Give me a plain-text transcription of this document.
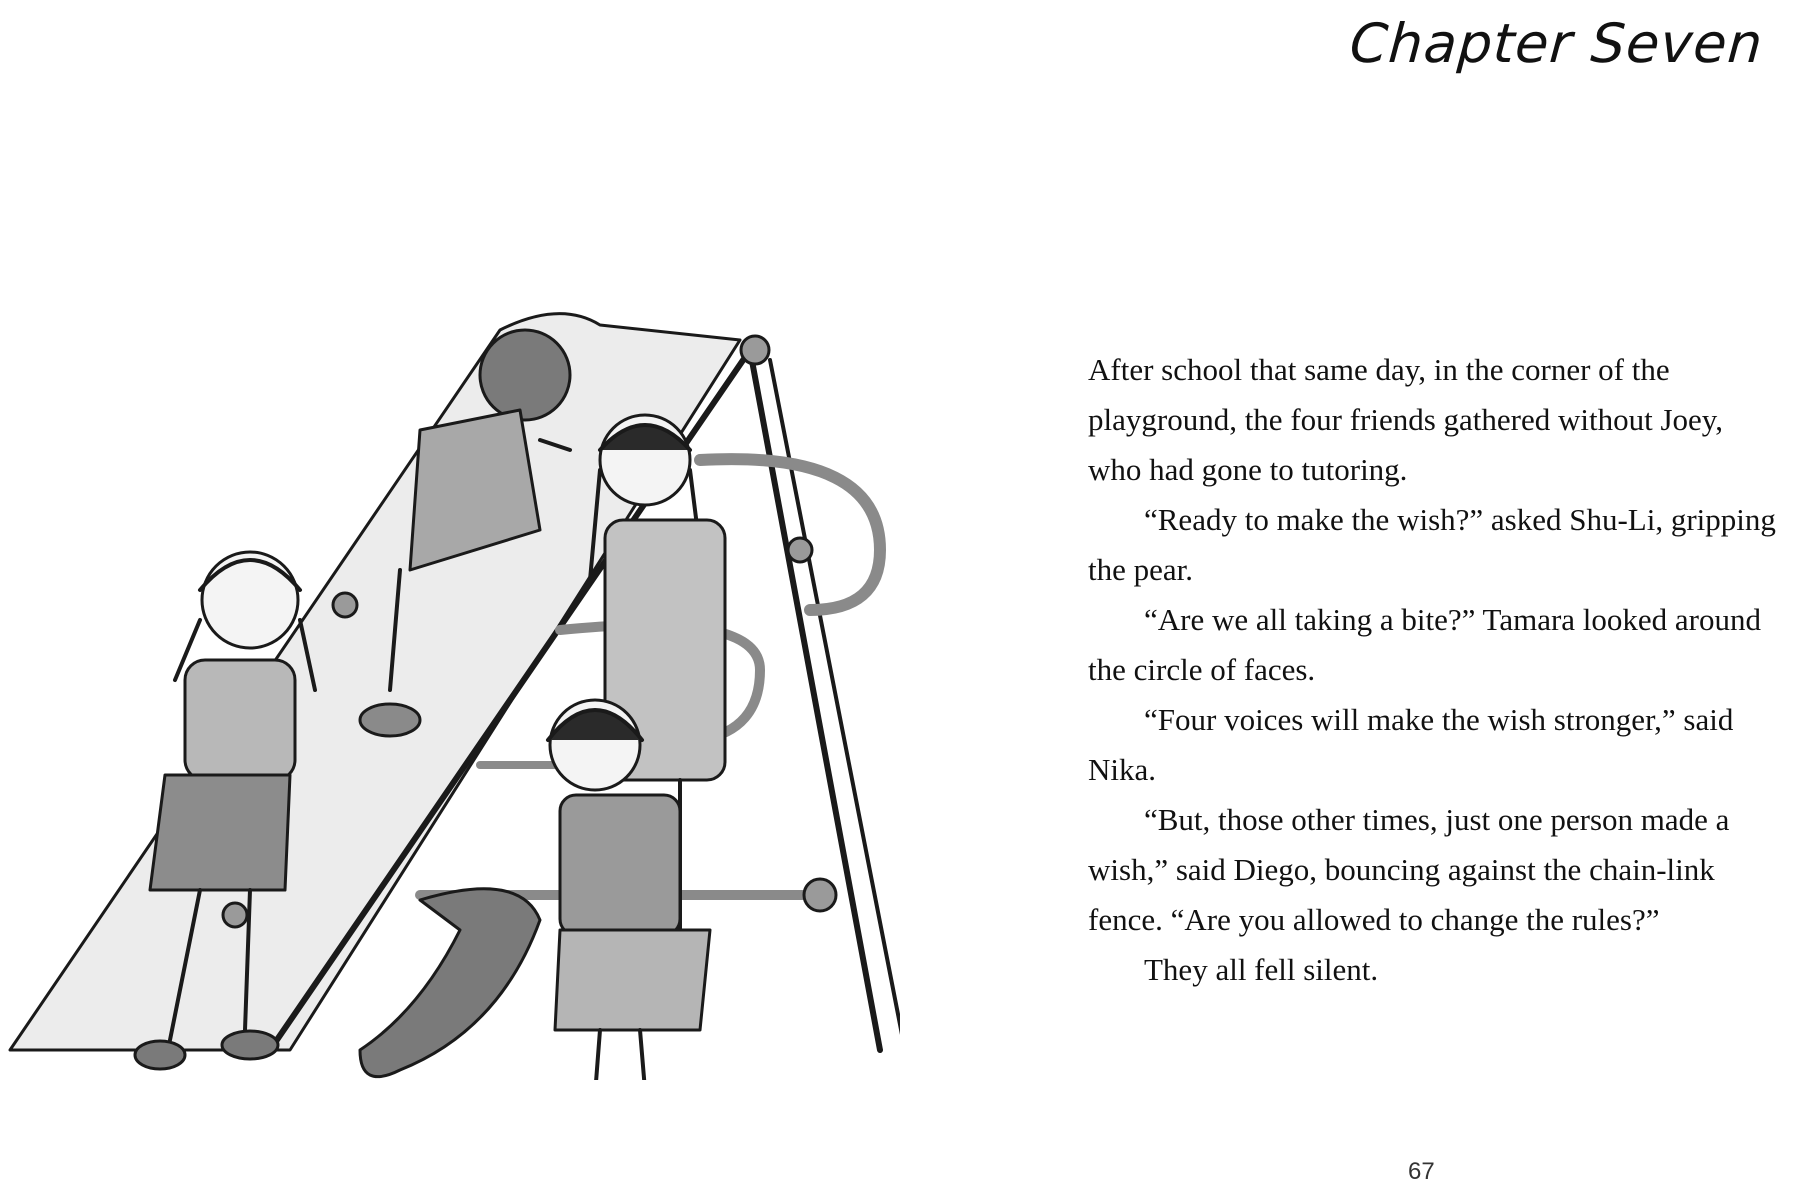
Chapter Seven

After school that same day, in the corner of the playground, the four friends gathered without Joey, who had gone to tutoring.

“Ready to make the wish?” asked Shu-Li, gripping the pear.

“Are we all taking a bite?” Tamara looked around the circle of faces.

“Four voices will make the wish stronger,” said Nika.

“But, those other times, just one person made a wish,” said Diego, bouncing against the chain-link fence. “Are you allowed to change the rules?”

They all fell silent.

67
